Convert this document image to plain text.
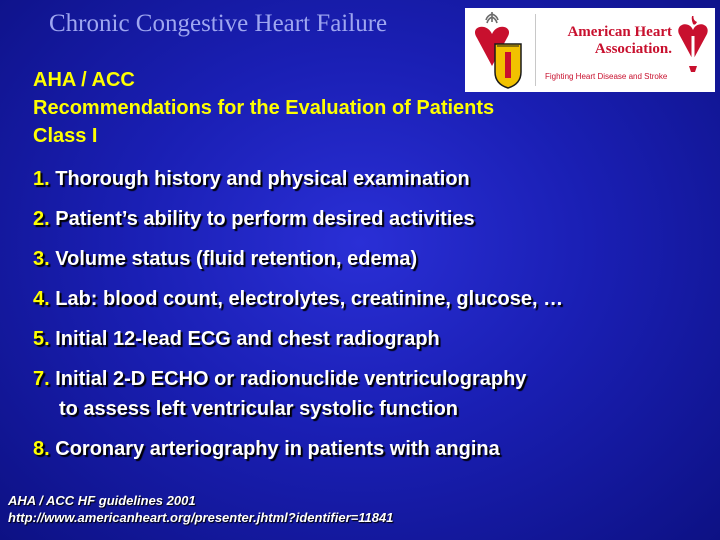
Chronic Congestive Heart Failure	American Heart
Association.
Fighting Heart Disease and Stroke
AHA / ACC
Recommendations for the Evaluation of Patients
Class I
1. Thorough history and physical examination
2. Patient’s ability to perform desired activities
3. Volume status (fluid retention, edema)
4. Lab: blood count, electrolytes, creatinine, glucose, …
5. Initial 12-lead ECG and chest radiograph
7. Initial 2-D ECHO or radionuclide ventriculography
to assess left ventricular systolic function
8. Coronary arteriography in patients with angina
AHA / ACC HF guidelines 2001
http://www.americanheart.org/presenter.jhtml?identifier=11841
